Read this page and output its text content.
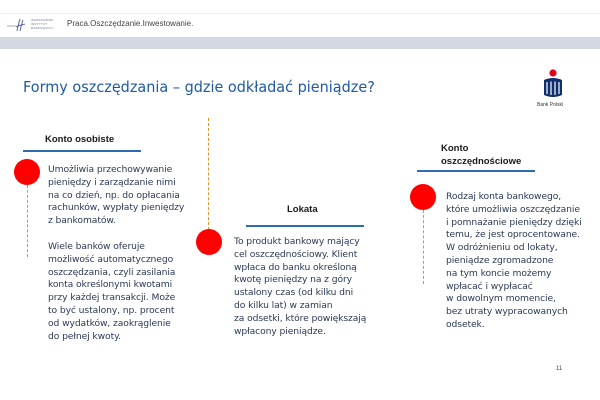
WARSZAWSKI
INSTYTUT
BANKOWOŚCI Praca.Oszczędzanie.Inwestowanie.
Formy oszczędzania – gdzie odkładać pieniądze?
Bank Polski
Konto osobiste
Umożliwia przechowywanie
pieniędzy i zarządzanie nimi
na co dzień, np. do opłacania
rachunków, wypłaty pieniędzy
z bankomatów.
Wiele banków oferuje
możliwość automatycznego
oszczędzania, czyli zasilania
konta określonymi kwotami
przy każdej transakcji. Może
to być ustalony, np. procent
od wydatków, zaokrąglenie
do pełnej kwoty.
Lokata
To produkt bankowy mający
cel oszczędnościowy. Klient
wpłaca do banku określoną
kwotę pieniędzy na z góry
ustalony czas (od kilku dni
do kilku lat) w zamian
za odsetki, które powiększają
wpłacony pieniądze.
Konto
oszczędnościowe
Rodzaj konta bankowego,
które umożliwia oszczędzanie
i pomnażanie pieniędzy dzięki
temu, że jest oprocentowane.
W odróżnieniu od lokaty,
pieniądze zgromadzone
na tym koncie możemy
wpłacać i wypłacać
w dowolnym momencie,
bez utraty wypracowanych
odsetek.
11
